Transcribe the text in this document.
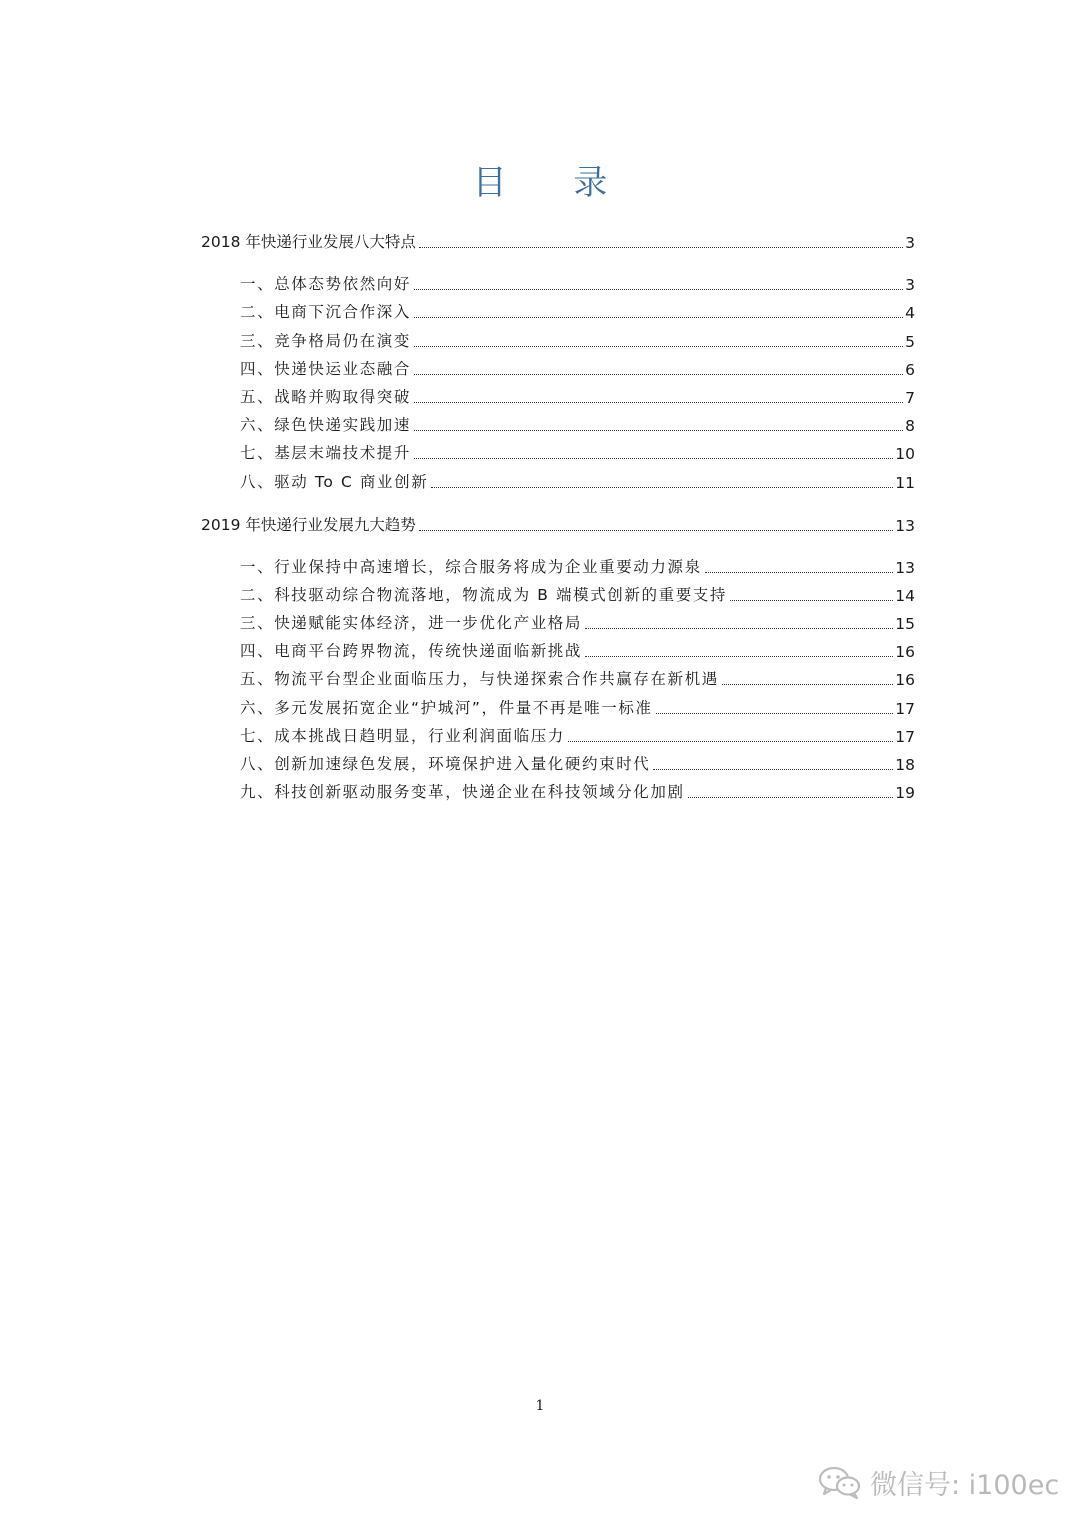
目 录
2018 年快递行业发展八大特点	3
一、总体态势依然向好	3
二、电商下沉合作深入	4
三、竞争格局仍在演变	5
四、快递快运业态融合	6
五、战略并购取得突破	7
六、绿色快递实践加速	8
七、基层末端技术提升	10
八、驱动 To C 商业创新	11
2019 年快递行业发展九大趋势	13
一、行业保持中高速增长，综合服务将成为企业重要动力源泉	13
二、科技驱动综合物流落地，物流成为 B 端模式创新的重要支持	14
三、快递赋能实体经济，进一步优化产业格局	15
四、电商平台跨界物流，传统快递面临新挑战	16
五、物流平台型企业面临压力，与快递探索合作共赢存在新机遇	16
六、多元发展拓宽企业“护城河”，件量不再是唯一标准	17
七、成本挑战日趋明显，行业利润面临压力	17
八、创新加速绿色发展，环境保护进入量化硬约束时代	18
九、科技创新驱动服务变革，快递企业在科技领域分化加剧	19
1
微信号: i100ec
